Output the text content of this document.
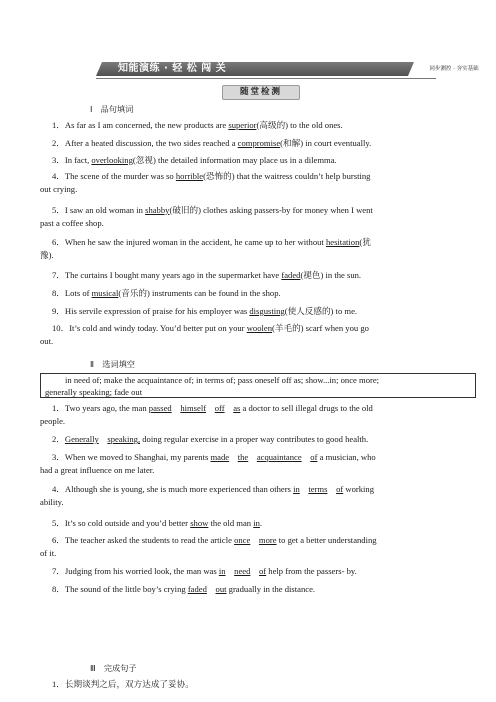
知能演练 · 轻 松 闯 关	同步测控 · 夯实基础
随堂检测
Ⅰ　品句填词
1．As far as I am concerned, the new products are superior(高级的) to the old ones.
2．After a heated discussion, the two sides reached a compromise(和解) in court eventually.
3．In fact, overlooking(忽视) the detailed information may place us in a dilemma.
4．The scene of the murder was so horrible(恐怖的) that the waitress couldn’t help bursting
out crying.
5．I saw an old woman in shabby(破旧的) clothes asking passers-by for money when I went
past a coffee shop.
6．When he saw the injured woman in the accident, he came up to her without hesitation(犹
豫).
7．The curtains I bought many years ago in the supermarket have faded(褪色) in the sun.
8．Lots of musical(音乐的) instruments can be found in the shop.
9．His servile expression of praise for his employer was disgusting(使人反感的) to me.
10．It’s cold and windy today. You’d better put on your woolen(羊毛的) scarf when you go
out.
Ⅱ　选词填空
in need of; make the acquaintance of; in terms of; pass oneself off as; show...in; once more;
generally speaking; fade out
1．Two years ago, the man passed　 himself　 off　 as a doctor to sell illegal drugs to the old
people.
2．Generally　 speaking, doing regular exercise in a proper way contributes to good health.
3．When we moved to Shanghai, my parents made　 the　 acquaintance　 of a musician, who
had a great influence on me later.
4．Although she is young, she is much more experienced than others in　 terms　 of working
ability.
5．It’s so cold outside and you’d better show the old man in.
6．The teacher asked the students to read the article once　 more to get a better understanding
of it.
7．Judging from his worried look, the man was in　 need　 of help from the passers- by.
8．The sound of the little boy’s crying faded　 out gradually in the distance.
Ⅲ　完成句子
1．长期谈判之后，双方达成了妥协。
